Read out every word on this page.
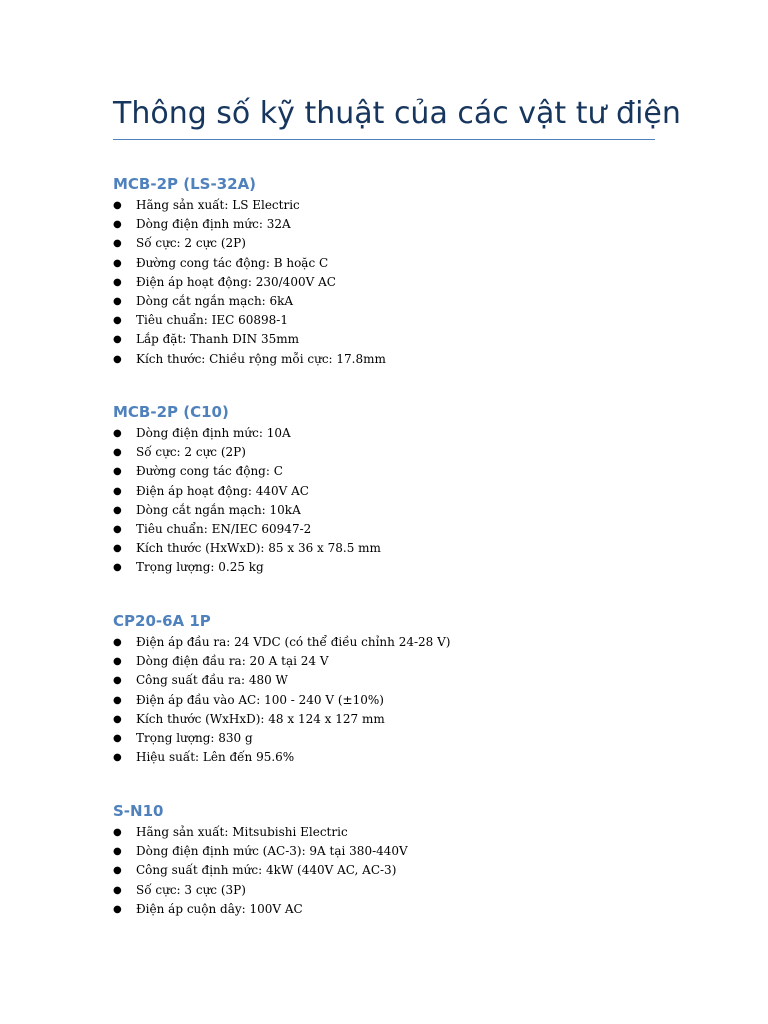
Thông số kỹ thuật của các vật tư điện
MCB-2P (LS-32A)
● Hãng sản xuất: LS Electric
● Dòng điện định mức: 32A
● Số cực: 2 cực (2P)
● Đường cong tác động: B hoặc C
● Điện áp hoạt động: 230/400V AC
● Dòng cắt ngắn mạch: 6kA
● Tiêu chuẩn: IEC 60898-1
● Lắp đặt: Thanh DIN 35mm
● Kích thước: Chiều rộng mỗi cực: 17.8mm
MCB-2P (C10)
● Dòng điện định mức: 10A
● Số cực: 2 cực (2P)
● Đường cong tác động: C
● Điện áp hoạt động: 440V AC
● Dòng cắt ngắn mạch: 10kA
● Tiêu chuẩn: EN/IEC 60947-2
● Kích thước (HxWxD): 85 x 36 x 78.5 mm
● Trọng lượng: 0.25 kg
CP20-6A 1P
● Điện áp đầu ra: 24 VDC (có thể điều chỉnh 24-28 V)
● Dòng điện đầu ra: 20 A tại 24 V
● Công suất đầu ra: 480 W
● Điện áp đầu vào AC: 100 - 240 V (±10%)
● Kích thước (WxHxD): 48 x 124 x 127 mm
● Trọng lượng: 830 g
● Hiệu suất: Lên đến 95.6%
S-N10
● Hãng sản xuất: Mitsubishi Electric
● Dòng điện định mức (AC-3): 9A tại 380-440V
● Công suất định mức: 4kW (440V AC, AC-3)
● Số cực: 3 cực (3P)
● Điện áp cuộn dây: 100V AC
